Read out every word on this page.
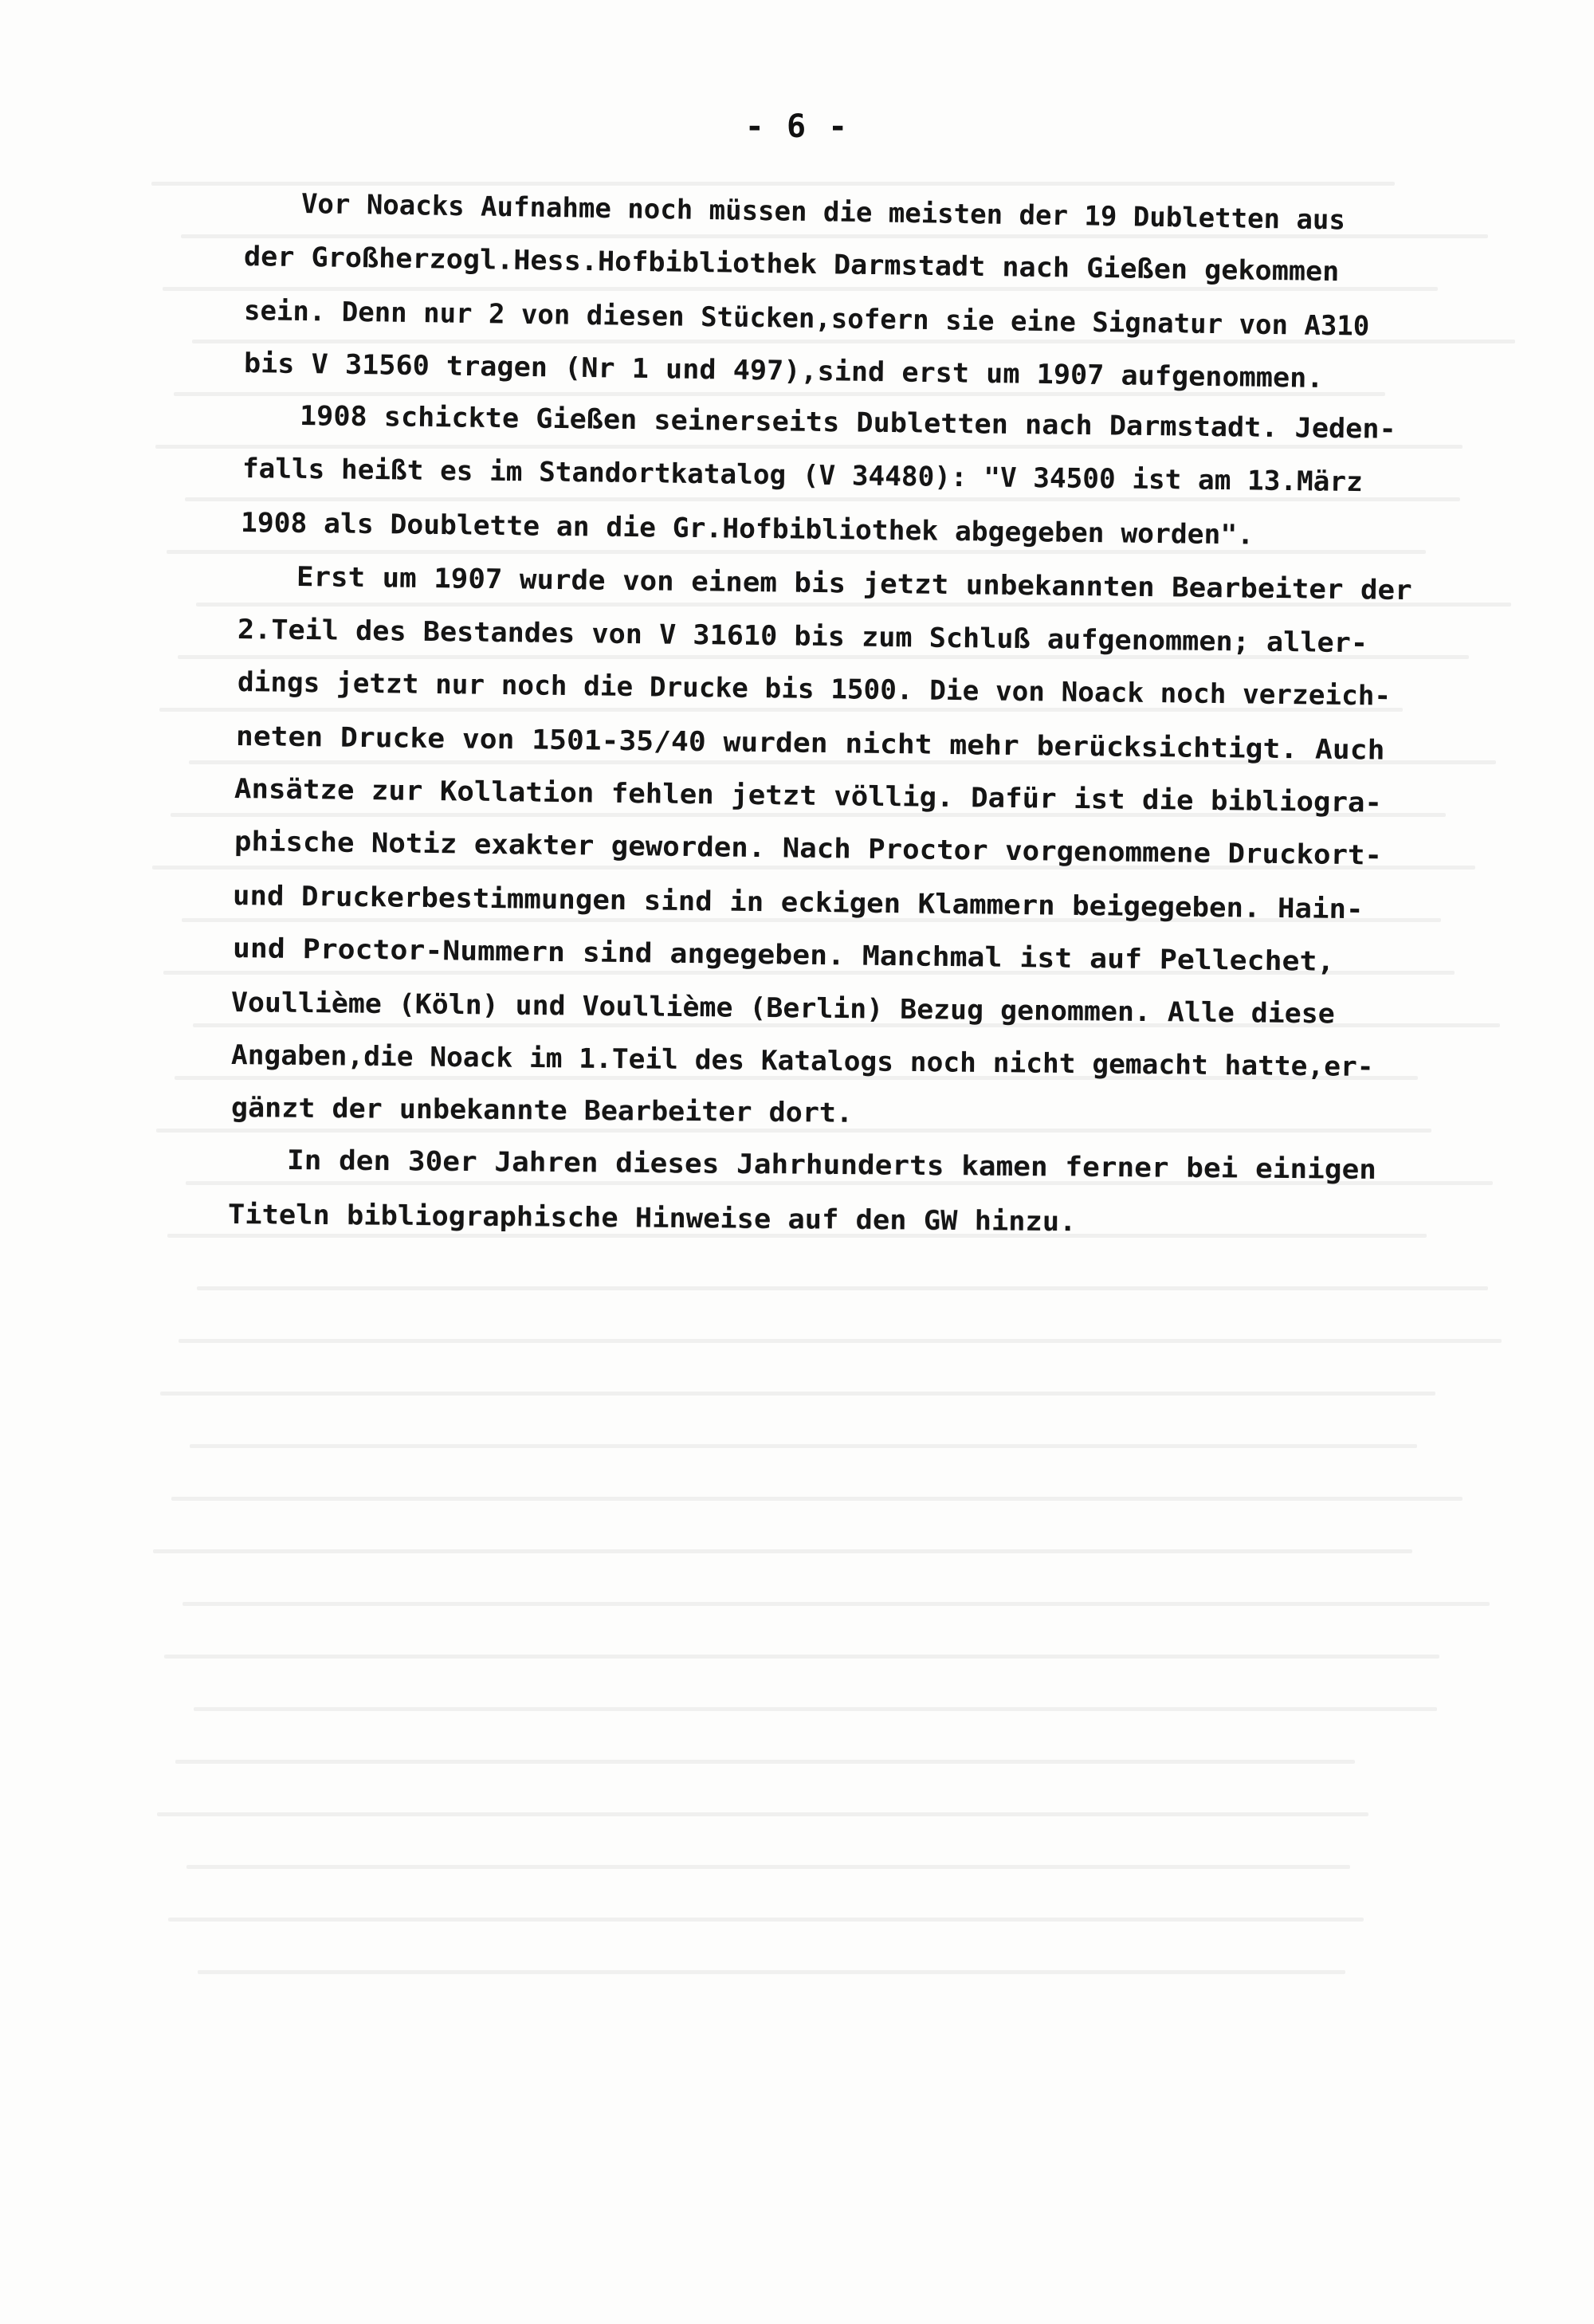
- 6 -

Vor Noacks Aufnahme noch müssen die meisten der 19 Dubletten aus

der Großherzogl.Hess.Hofbibliothek Darmstadt nach Gießen gekommen

sein. Denn nur 2 von diesen Stücken,sofern sie eine Signatur von A310

bis V 31560 tragen (Nr 1 und 497),sind erst um 1907 aufgenommen.

1908 schickte Gießen seinerseits Dubletten nach Darmstadt. Jeden-

falls heißt es im Standortkatalog (V 34480): "V 34500 ist am 13.März

1908 als Doublette an die Gr.Hofbibliothek abgegeben worden".

Erst um 1907 wurde von einem bis jetzt unbekannten Bearbeiter der

2.Teil des Bestandes von V 31610 bis zum Schluß aufgenommen; aller-

dings jetzt nur noch die Drucke bis 1500. Die von Noack noch verzeich-

neten Drucke von 1501-35/40 wurden nicht mehr berücksichtigt. Auch

Ansätze zur Kollation fehlen jetzt völlig. Dafür ist die bibliogra-

phische Notiz exakter geworden. Nach Proctor vorgenommene Druckort-

und Druckerbestimmungen sind in eckigen Klammern beigegeben. Hain-

und Proctor-Nummern sind angegeben. Manchmal ist auf Pellechet,

Voullième (Köln) und Voullième (Berlin) Bezug genommen. Alle diese

Angaben,die Noack im 1.Teil des Katalogs noch nicht gemacht hatte,er-

gänzt der unbekannte Bearbeiter dort.

In den 30er Jahren dieses Jahrhunderts kamen ferner bei einigen

Titeln bibliographische Hinweise auf den GW hinzu.
